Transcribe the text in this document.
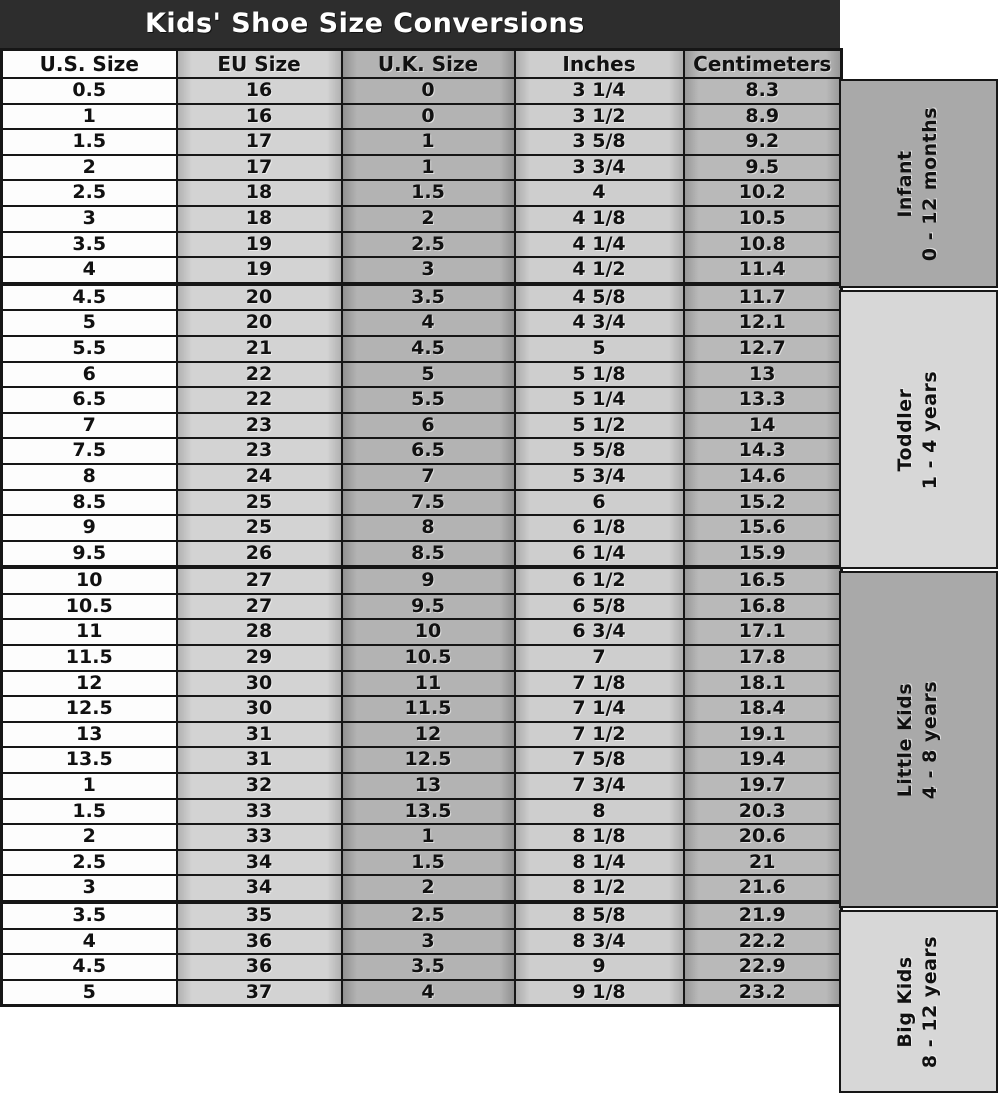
Kids' Shoe Size Conversions
U.S. Size	EU Size	U.K. Size	Inches	Centimeters
0.5	16	0	3 1/4	8.3
1	16	0	3 1/2	8.9
1.5	17	1	3 5/8	9.2
2	17	1	3 3/4	9.5
2.5	18	1.5	4	10.2
3	18	2	4 1/8	10.5
3.5	19	2.5	4 1/4	10.8
4	19	3	4 1/2	11.4
4.5	20	3.5	4 5/8	11.7
5	20	4	4 3/4	12.1
5.5	21	4.5	5	12.7
6	22	5	5 1/8	13
6.5	22	5.5	5 1/4	13.3
7	23	6	5 1/2	14
7.5	23	6.5	5 5/8	14.3
8	24	7	5 3/4	14.6
8.5	25	7.5	6	15.2
9	25	8	6 1/8	15.6
9.5	26	8.5	6 1/4	15.9
10	27	9	6 1/2	16.5
10.5	27	9.5	6 5/8	16.8
11	28	10	6 3/4	17.1
11.5	29	10.5	7	17.8
12	30	11	7 1/8	18.1
12.5	30	11.5	7 1/4	18.4
13	31	12	7 1/2	19.1
13.5	31	12.5	7 5/8	19.4
1	32	13	7 3/4	19.7
1.5	33	13.5	8	20.3
2	33	1	8 1/8	20.6
2.5	34	1.5	8 1/4	21
3	34	2	8 1/2	21.6
3.5	35	2.5	8 5/8	21.9
4	36	3	8 3/4	22.2
4.5	36	3.5	9	22.9
5	37	4	9 1/8	23.2
Infant 0 - 12 months
Toddler 1 - 4 years
Little Kids 4 - 8 years
Big Kids 8 - 12 years
